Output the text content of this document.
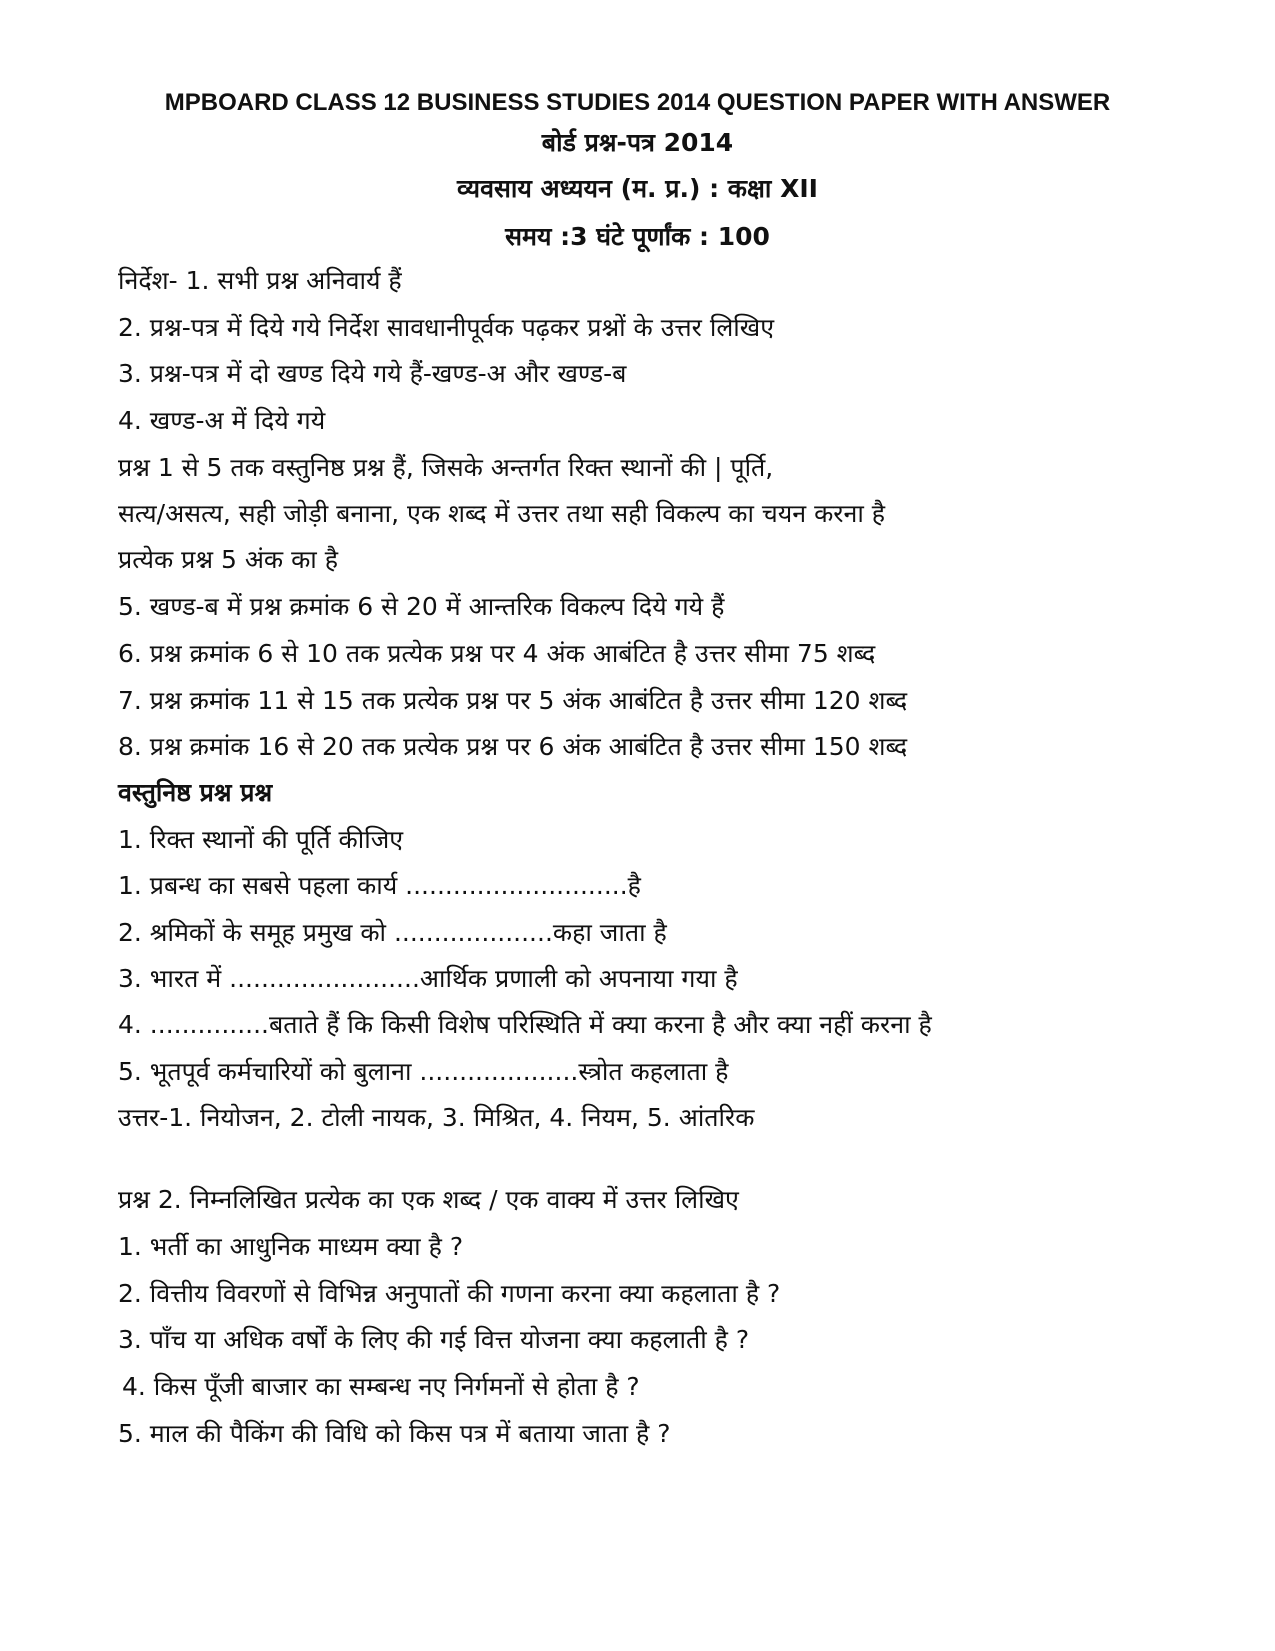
MPBOARD CLASS 12 BUSINESS STUDIES 2014 QUESTION PAPER WITH ANSWER
बोर्ड प्रश्न-पत्र 2014
व्यवसाय अध्ययन (म. प्र.) : कक्षा XII
समय :3 घंटे पूर्णांक : 100
निर्देश- 1. सभी प्रश्न अनिवार्य हैं
2. प्रश्न-पत्र में दिये गये निर्देश सावधानीपूर्वक पढ़कर प्रश्नों के उत्तर लिखिए
3. प्रश्न-पत्र में दो खण्ड दिये गये हैं-खण्ड-अ और खण्ड-ब
4. खण्ड-अ में दिये गये
प्रश्न 1 से 5 तक वस्तुनिष्ठ प्रश्न हैं, जिसके अन्तर्गत रिक्त स्थानों की | पूर्ति,
सत्य/असत्य, सही जोड़ी बनाना, एक शब्द में उत्तर तथा सही विकल्प का चयन करना है
प्रत्येक प्रश्न 5 अंक का है
5. खण्ड-ब में प्रश्न क्रमांक 6 से 20 में आन्तरिक विकल्प दिये गये हैं
6. प्रश्न क्रमांक 6 से 10 तक प्रत्येक प्रश्न पर 4 अंक आबंटित है उत्तर सीमा 75 शब्द
7. प्रश्न क्रमांक 11 से 15 तक प्रत्येक प्रश्न पर 5 अंक आबंटित है उत्तर सीमा 120 शब्द
8. प्रश्न क्रमांक 16 से 20 तक प्रत्येक प्रश्न पर 6 अंक आबंटित है उत्तर सीमा 150 शब्द
वस्तुनिष्ठ प्रश्न प्रश्न
1. रिक्त स्थानों की पूर्ति कीजिए
1. प्रबन्ध का सबसे पहला कार्य ............................है
2. श्रमिकों के समूह प्रमुख को ....................कहा जाता है
3. भारत में ........................आर्थिक प्रणाली को अपनाया गया है
4. ...............बताते हैं कि किसी विशेष परिस्थिति में क्या करना है और क्या नहीं करना है
5. भूतपूर्व कर्मचारियों को बुलाना ....................स्त्रोत कहलाता है
उत्तर-1. नियोजन, 2. टोली नायक, 3. मिश्रित, 4. नियम, 5. आंतरिक
प्रश्न 2. निम्नलिखित प्रत्येक का एक शब्द / एक वाक्य में उत्तर लिखिए
1. भर्ती का आधुनिक माध्यम क्या है ?
2. वित्तीय विवरणों से विभिन्न अनुपातों की गणना करना क्या कहलाता है ?
3. पाँच या अधिक वर्षों के लिए की गई वित्त योजना क्या कहलाती है ?
4. किस पूँजी बाजार का सम्बन्ध नए निर्गमनों से होता है ?
5. माल की पैकिंग की विधि को किस पत्र में बताया जाता है ?
